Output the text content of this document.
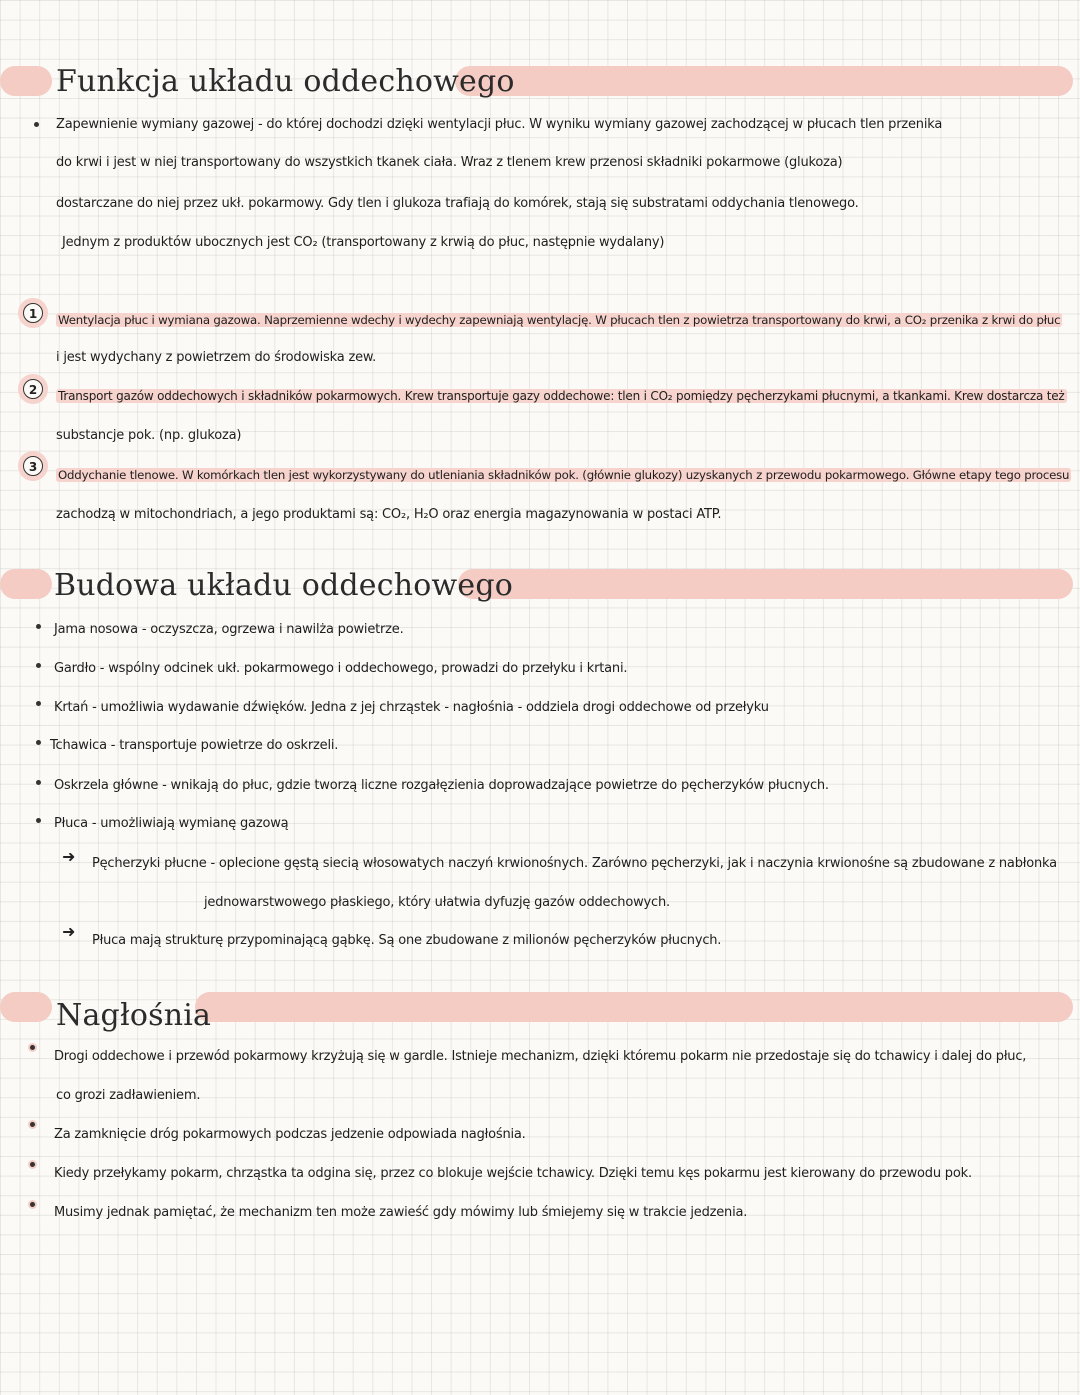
Funkcja układu oddechowego
Zapewnienie wymiany gazowej - do której dochodzi dzięki wentylacji płuc. W wyniku wymiany gazowej zachodzącej w płucach tlen przenika
do krwi i jest w niej transportowany do wszystkich tkanek ciała. Wraz z tlenem krew przenosi składniki pokarmowe (glukoza)
dostarczane do niej przez ukł. pokarmowy. Gdy tlen i glukoza trafiają do komórek, stają się substratami oddychania tlenowego.
Jednym z produktów ubocznych jest CO₂ (transportowany z krwią do płuc, następnie wydalany)
1	Wentylacja płuc i wymiana gazowa. Naprzemienne wdechy i wydechy zapewniają wentylację. W płucach tlen z powietrza transportowany do krwi, a CO₂ przenika z krwi do płuc
i jest wydychany z powietrzem do środowiska zew.
2	Transport gazów oddechowych i składników pokarmowych. Krew transportuje gazy oddechowe: tlen i CO₂ pomiędzy pęcherzykami płucnymi, a tkankami. Krew dostarcza też
substancje pok. (np. glukoza)
3
Oddychanie tlenowe. W komórkach tlen jest wykorzystywany do utleniania składników pok. (głównie glukozy) uzyskanych z przewodu pokarmowego. Główne etapy tego procesu
zachodzą w mitochondriach, a jego produktami są: CO₂, H₂O oraz energia magazynowania w postaci ATP.
Budowa układu oddechowego
Jama nosowa - oczyszcza, ogrzewa i nawilża powietrze.
Gardło - wspólny odcinek ukł. pokarmowego i oddechowego, prowadzi do przełyku i krtani.
Krtań - umożliwia wydawanie dźwięków. Jedna z jej chrząstek - nagłośnia - oddziela drogi oddechowe od przełyku
Tchawica - transportuje powietrze do oskrzeli.
Oskrzela główne - wnikają do płuc, gdzie tworzą liczne rozgałęzienia doprowadzające powietrze do pęcherzyków płucnych.
Płuca - umożliwiają wymianę gazową
➜ Pęcherzyki płucne - oplecione gęstą siecią włosowatych naczyń krwionośnych. Zarówno pęcherzyki, jak i naczynia krwionośne są zbudowane z nabłonka
jednowarstwowego płaskiego, który ułatwia dyfuzję gazów oddechowych.
➜ Płuca mają strukturę przypominającą gąbkę. Są one zbudowane z milionów pęcherzyków płucnych.
Nagłośnia
Drogi oddechowe i przewód pokarmowy krzyżują się w gardle. Istnieje mechanizm, dzięki któremu pokarm nie przedostaje się do tchawicy i dalej do płuc,
co grozi zadławieniem.
Za zamknięcie dróg pokarmowych podczas jedzenie odpowiada nagłośnia.
Kiedy przełykamy pokarm, chrząstka ta odgina się, przez co blokuje wejście tchawicy. Dzięki temu kęs pokarmu jest kierowany do przewodu pok.
Musimy jednak pamiętać, że mechanizm ten może zawieść gdy mówimy lub śmiejemy się w trakcie jedzenia.
